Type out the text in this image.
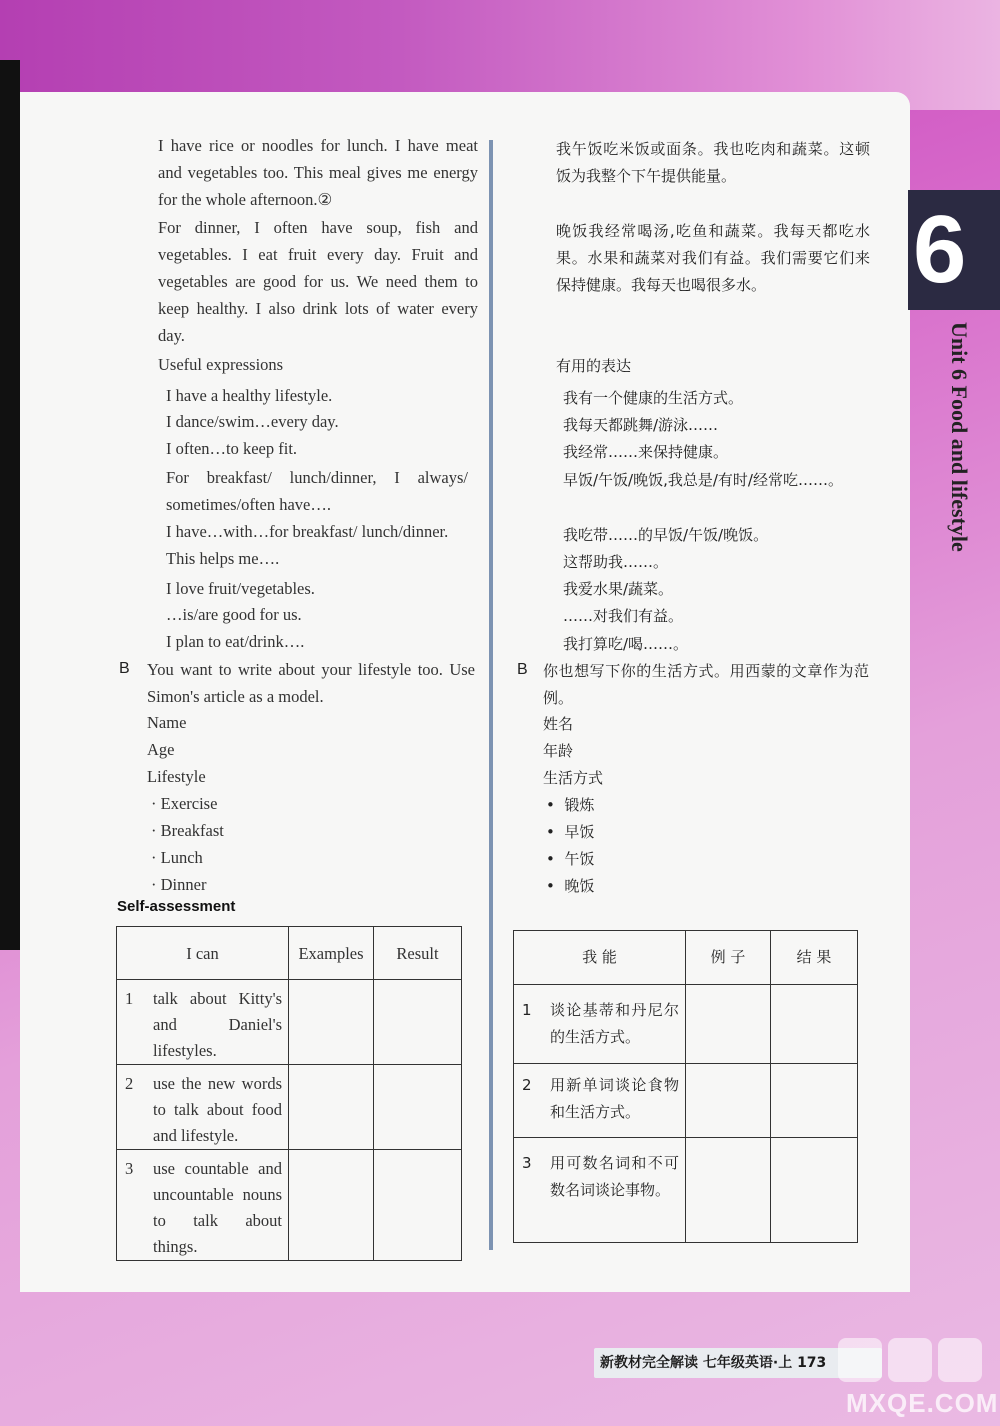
6
Unit 6 Food and lifestyle
I have rice or noodles for lunch. I have meat and vegetables too. This meal gives me energy for the whole afternoon.②
For dinner, I often have soup, fish and vegetables. I eat fruit every day. Fruit and vegetables are good for us. We need them to keep healthy. I also drink lots of water every day.
Useful expressions
I have a healthy lifestyle.
I dance/swim…every day.
I often…to keep fit.
For breakfast/ lunch/dinner, I always/ sometimes/often have….
I have…with…for breakfast/ lunch/dinner.
This helps me….
I love fruit/vegetables.
…is/are good for us.
I plan to eat/drink….
B You want to write about your lifestyle too. Use Simon's article as a model.
Name
Age
Lifestyle
· Exercise
· Breakfast
· Lunch
· Dinner
Self-assessment
I can	Examples	Result

1 talk about Kitty's and Daniel's lifestyles.		

2 use the new words to talk about food and lifestyle.		

3 use countable and uncountable nouns to talk about things.		

我午饭吃米饭或面条。我也吃肉和蔬菜。这顿饭为我整个下午提供能量。
晚饭我经常喝汤,吃鱼和蔬菜。我每天都吃水果。水果和蔬菜对我们有益。我们需要它们来保持健康。我每天也喝很多水。
有用的表达
我有一个健康的生活方式。
我每天都跳舞/游泳……
我经常……来保持健康。
早饭/午饭/晚饭,我总是/有时/经常吃……。
我吃带……的早饭/午饭/晚饭。
这帮助我……。
我爱水果/蔬菜。
……对我们有益。
我打算吃/喝……。
B 你也想写下你的生活方式。用西蒙的文章作为范例。
姓名
年龄
生活方式
•  锻炼
•  早饭
•  午饭
•  晚饭
我 能	例 子	结 果

1 谈论基蒂和丹尼尔的生活方式。		

2 用新单词谈论食物和生活方式。		

3 用可数名词和不可数名词谈论事物。		

新教材完全解读 七年级英语·上 173
MXQE.COM
